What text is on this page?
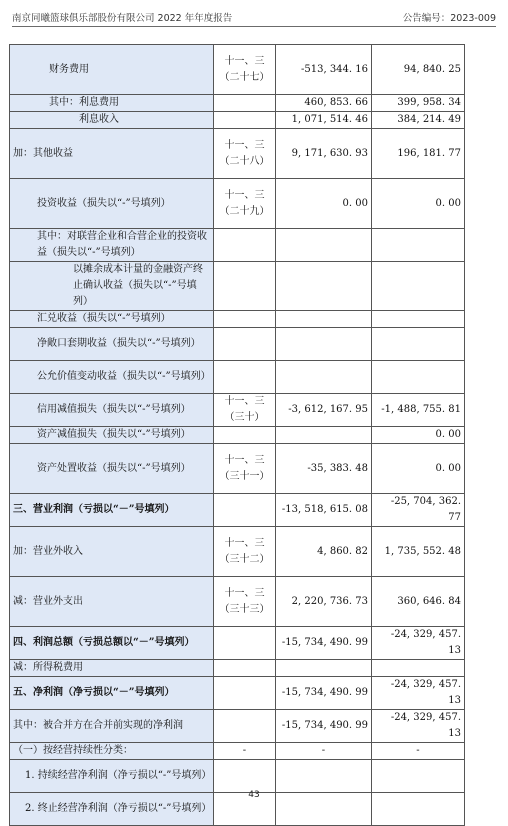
南京同曦篮球俱乐部股份有限公司 2022 年年度报告	公告编号：2023-009
财务费用	十一、三（二十七）	-513, 344. 16	94, 840. 25
其中：利息费用		460, 853. 66	399, 958. 34
利息收入		1, 071, 514. 46	384, 214. 49
加：其他收益	十一、三（二十八）	9, 171, 630. 93	196, 181. 77
投资收益（损失以“-”号填列）	十一、三（二十九）	0. 00	0. 00
其中：对联营企业和合营企业的投资收益（损失以“-”号填列）			
以摊余成本计量的金融资产终止确认收益（损失以“-”号填列）			
汇兑收益（损失以“-”号填列）			
净敞口套期收益（损失以“-”号填列）			
公允价值变动收益（损失以“-”号填列）			
信用减值损失（损失以“-”号填列）	十一、三（三十）	-3, 612, 167. 95	-1, 488, 755. 81
资产减值损失（损失以“-”号填列）			0. 00
资产处置收益（损失以“-”号填列）	十一、三（三十一）	-35, 383. 48	0. 00
三、营业利润（亏损以“－”号填列）		-13, 518, 615. 08	-25, 704, 362. 77
加：营业外收入	十一、三（三十二）	4, 860. 82	1, 735, 552. 48
减：营业外支出	十一、三（三十三）	2, 220, 736. 73	360, 646. 84
四、利润总额（亏损总额以“－”号填列）		-15, 734, 490. 99	-24, 329, 457. 13
减：所得税费用			
五、净利润（净亏损以“－”号填列）		-15, 734, 490. 99	-24, 329, 457. 13
其中：被合并方在合并前实现的净利润		-15, 734, 490. 99	-24, 329, 457. 13
（一）按经营持续性分类：	-	-	-
1. 持续经营净利润（净亏损以“-”号填列）			
2. 终止经营净利润（净亏损以“-”号填列）			
43
